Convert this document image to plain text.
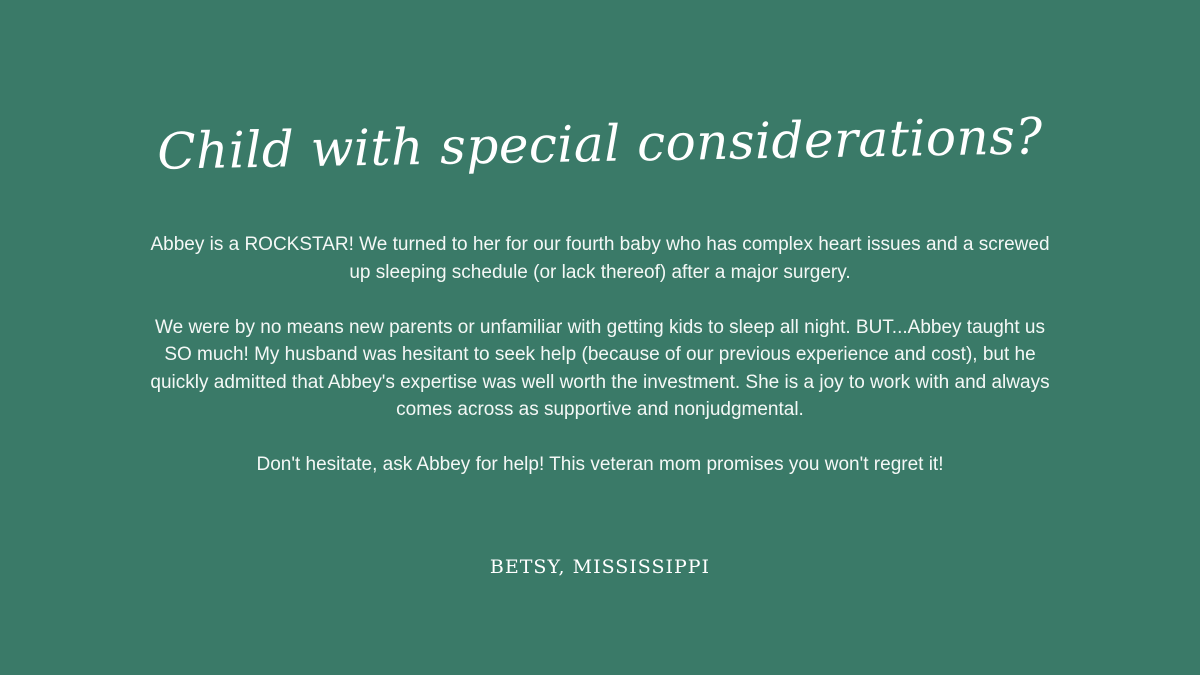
Child with special considerations?

Abbey is a ROCKSTAR! We turned to her for our fourth baby who has complex heart issues and a screwed up sleeping schedule (or lack thereof) after a major surgery.

We were by no means new parents or unfamiliar with getting kids to sleep all night. BUT...Abbey taught us SO much! My husband was hesitant to seek help (because of our previous experience and cost), but he quickly admitted that Abbey's expertise was well worth the investment. She is a joy to work with and always comes across as supportive and nonjudgmental.

Don't hesitate, ask Abbey for help! This veteran mom promises you won't regret it!

BETSY, MISSISSIPPI
